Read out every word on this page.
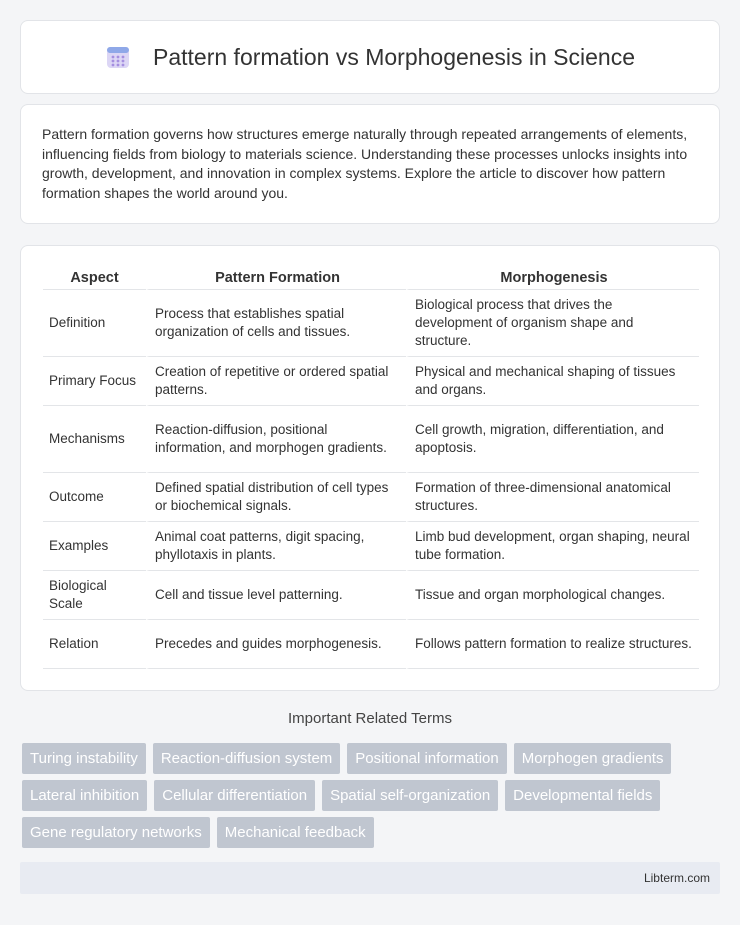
Pattern formation vs Morphogenesis in Science

Pattern formation governs how structures emerge naturally through repeated arrangements of elements, influencing fields from biology to materials science. Understanding these processes unlocks insights into growth, development, and innovation in complex systems. Explore the article to discover how pattern formation shapes the world around you.

Aspect	Pattern Formation	Morphogenesis
Definition	Process that establishes spatial organization of cells and tissues.	Biological process that drives the development of organism shape and structure.
Primary Focus	Creation of repetitive or ordered spatial patterns.	Physical and mechanical shaping of tissues and organs.
Mechanisms	Reaction-diffusion, positional information, and morphogen gradients.	Cell growth, migration, differentiation, and apoptosis.
Outcome	Defined spatial distribution of cell types or biochemical signals.	Formation of three-dimensional anatomical structures.
Examples	Animal coat patterns, digit spacing, phyllotaxis in plants.	Limb bud development, organ shaping, neural tube formation.
Biological Scale	Cell and tissue level patterning.	Tissue and organ morphological changes.
Relation	Precedes and guides morphogenesis.	Follows pattern formation to realize structures.
Important Related Terms
Turing instability	Reaction-diffusion system	Positional information	Morphogen gradients
Lateral inhibition	Cellular differentiation	Spatial self-organization	Developmental fields
Gene regulatory networks	Mechanical feedback
Libterm.com
